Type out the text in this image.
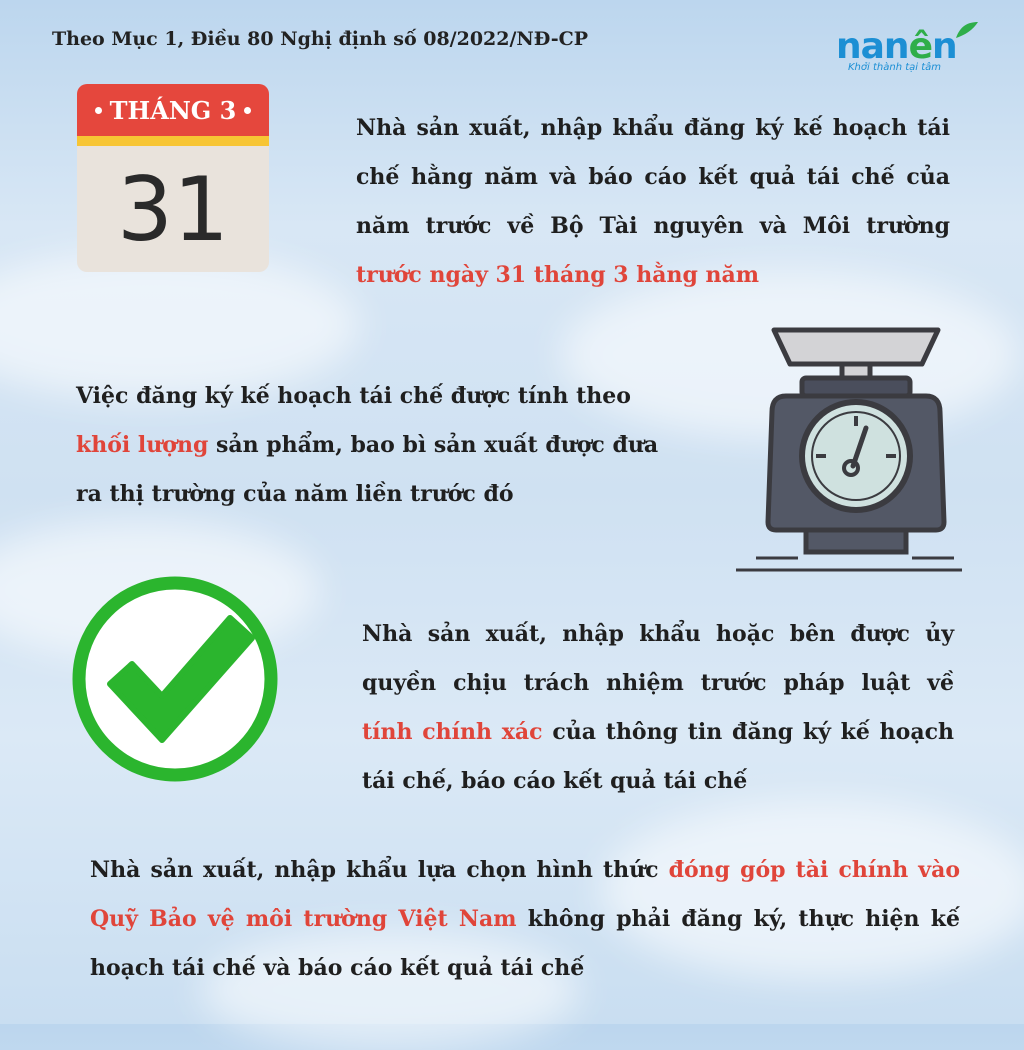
Theo Mục 1, Điều 80 Nghị định số 08/2022/NĐ-CP	nanên
Khởi thành tại tâm
THÁNG 3
31
Nhà sản xuất, nhập khẩu đăng ký kế hoạch tái
chế hằng năm và báo cáo kết quả tái chế của
năm trước về Bộ Tài nguyên và Môi trường
trước ngày 31 tháng 3 hằng năm
Việc đăng ký kế hoạch tái chế được tính theo
khối lượng sản phẩm, bao bì sản xuất được đưa
ra thị trường của năm liền trước đó
Nhà sản xuất, nhập khẩu hoặc bên được ủy
quyền chịu trách nhiệm trước pháp luật về
tính chính xác của thông tin đăng ký kế hoạch
tái chế, báo cáo kết quả tái chế
Nhà sản xuất, nhập khẩu lựa chọn hình thức đóng góp tài chính vào
Quỹ Bảo vệ môi trường Việt Nam không phải đăng ký, thực hiện kế
hoạch tái chế và báo cáo kết quả tái chế
